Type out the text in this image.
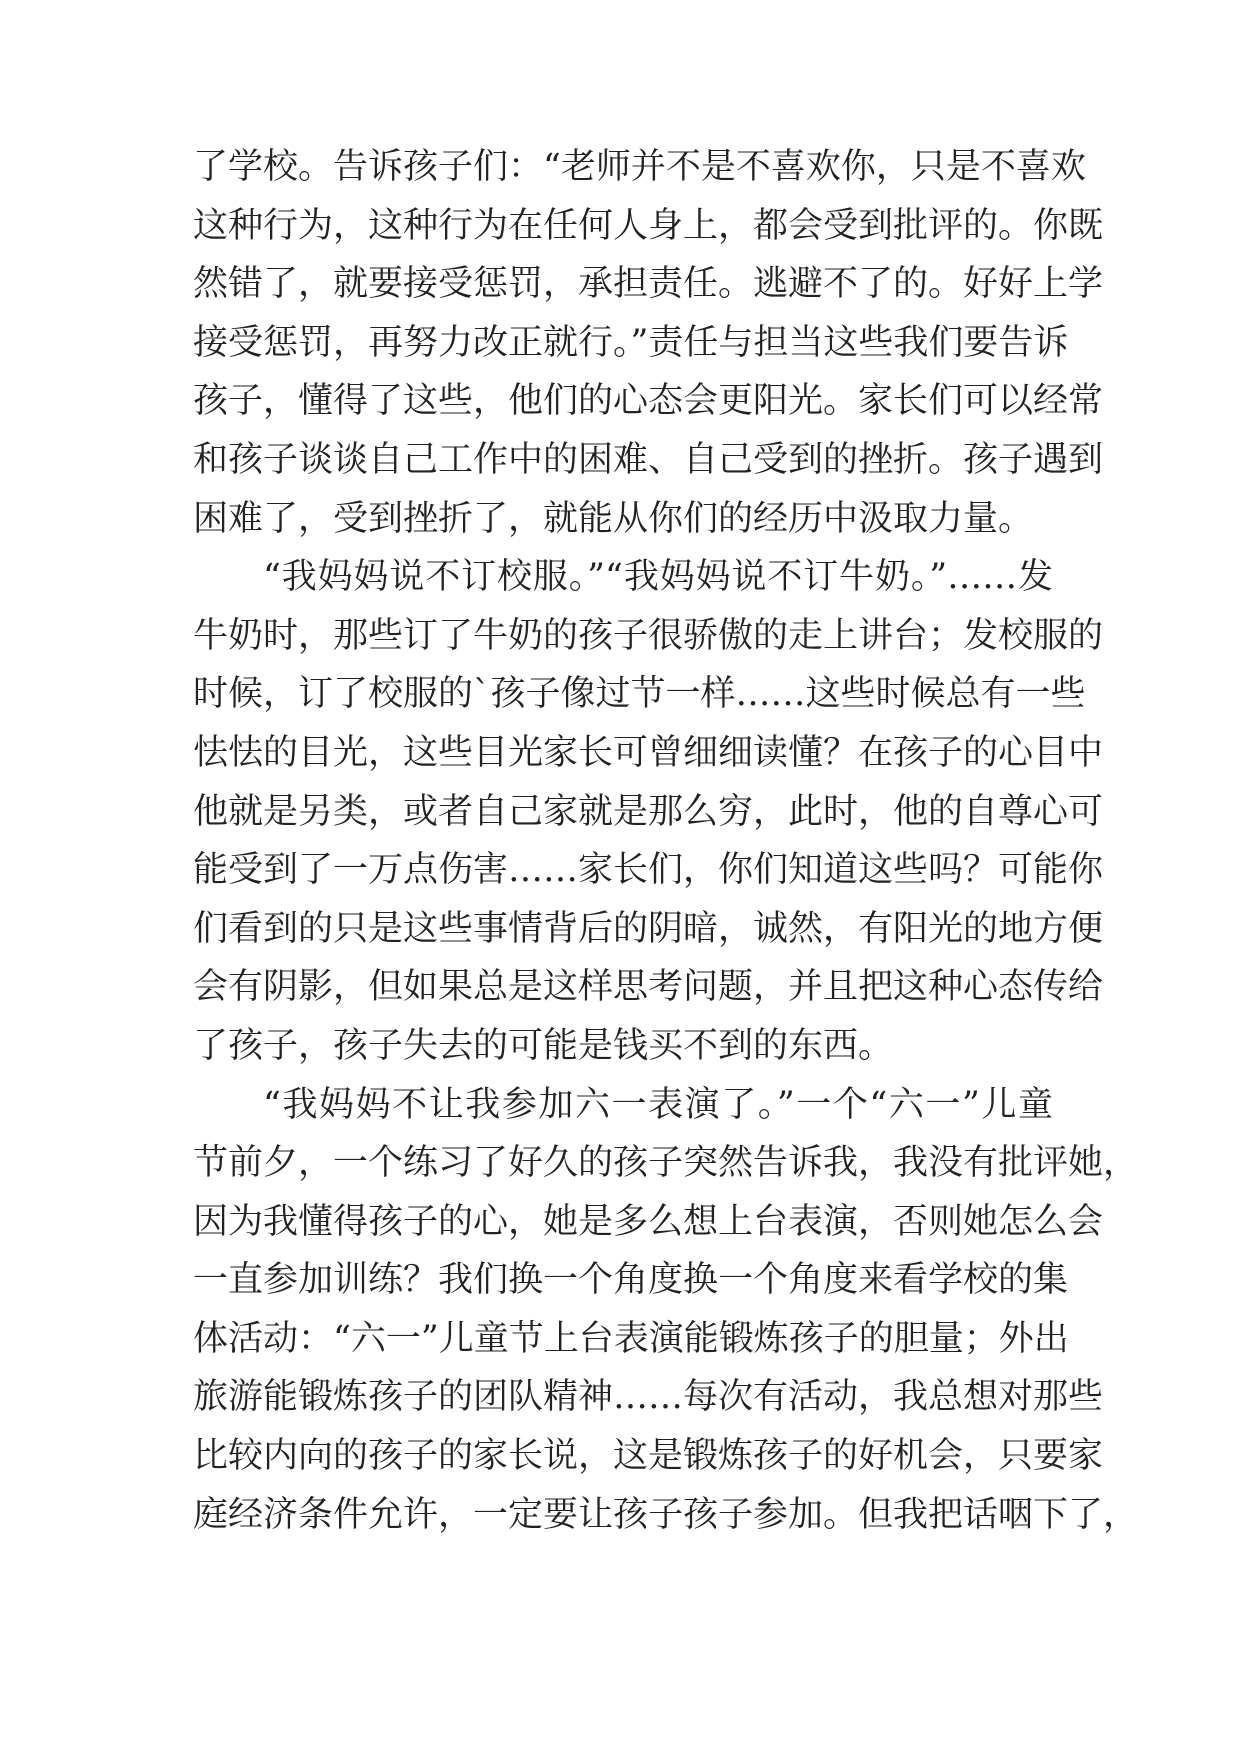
了学校。告诉孩子们：“老师并不是不喜欢你，只是不喜欢
这种行为，这种行为在任何人身上，都会受到批评的。你既
然错了，就要接受惩罚，承担责任。逃避不了的。好好上学
接受惩罚，再努力改正就行。”责任与担当这些我们要告诉
孩子，懂得了这些，他们的心态会更阳光。家长们可以经常
和孩子谈谈自己工作中的困难、自己受到的挫折。孩子遇到
困难了，受到挫折了，就能从你们的经历中汲取力量。
“我妈妈说不订校服。”“我妈妈说不订牛奶。”……发
牛奶时，那些订了牛奶的孩子很骄傲的走上讲台；发校服的
时候，订了校服的`孩子像过节一样……这些时候总有一些
怯怯的目光，这些目光家长可曾细细读懂？在孩子的心目中
他就是另类，或者自己家就是那么穷，此时，他的自尊心可
能受到了一万点伤害……家长们，你们知道这些吗？可能你
们看到的只是这些事情背后的阴暗，诚然，有阳光的地方便
会有阴影，但如果总是这样思考问题，并且把这种心态传给
了孩子，孩子失去的可能是钱买不到的东西。
“我妈妈不让我参加六一表演了。”一个“六一”儿童
节前夕，一个练习了好久的孩子突然告诉我，我没有批评她，
因为我懂得孩子的心，她是多么想上台表演，否则她怎么会
一直参加训练？我们换一个角度换一个角度来看学校的集
体活动：“六一”儿童节上台表演能锻炼孩子的胆量；外出
旅游能锻炼孩子的团队精神……每次有活动，我总想对那些
比较内向的孩子的家长说，这是锻炼孩子的好机会，只要家
庭经济条件允许，一定要让孩子孩子参加。但我把话咽下了，
